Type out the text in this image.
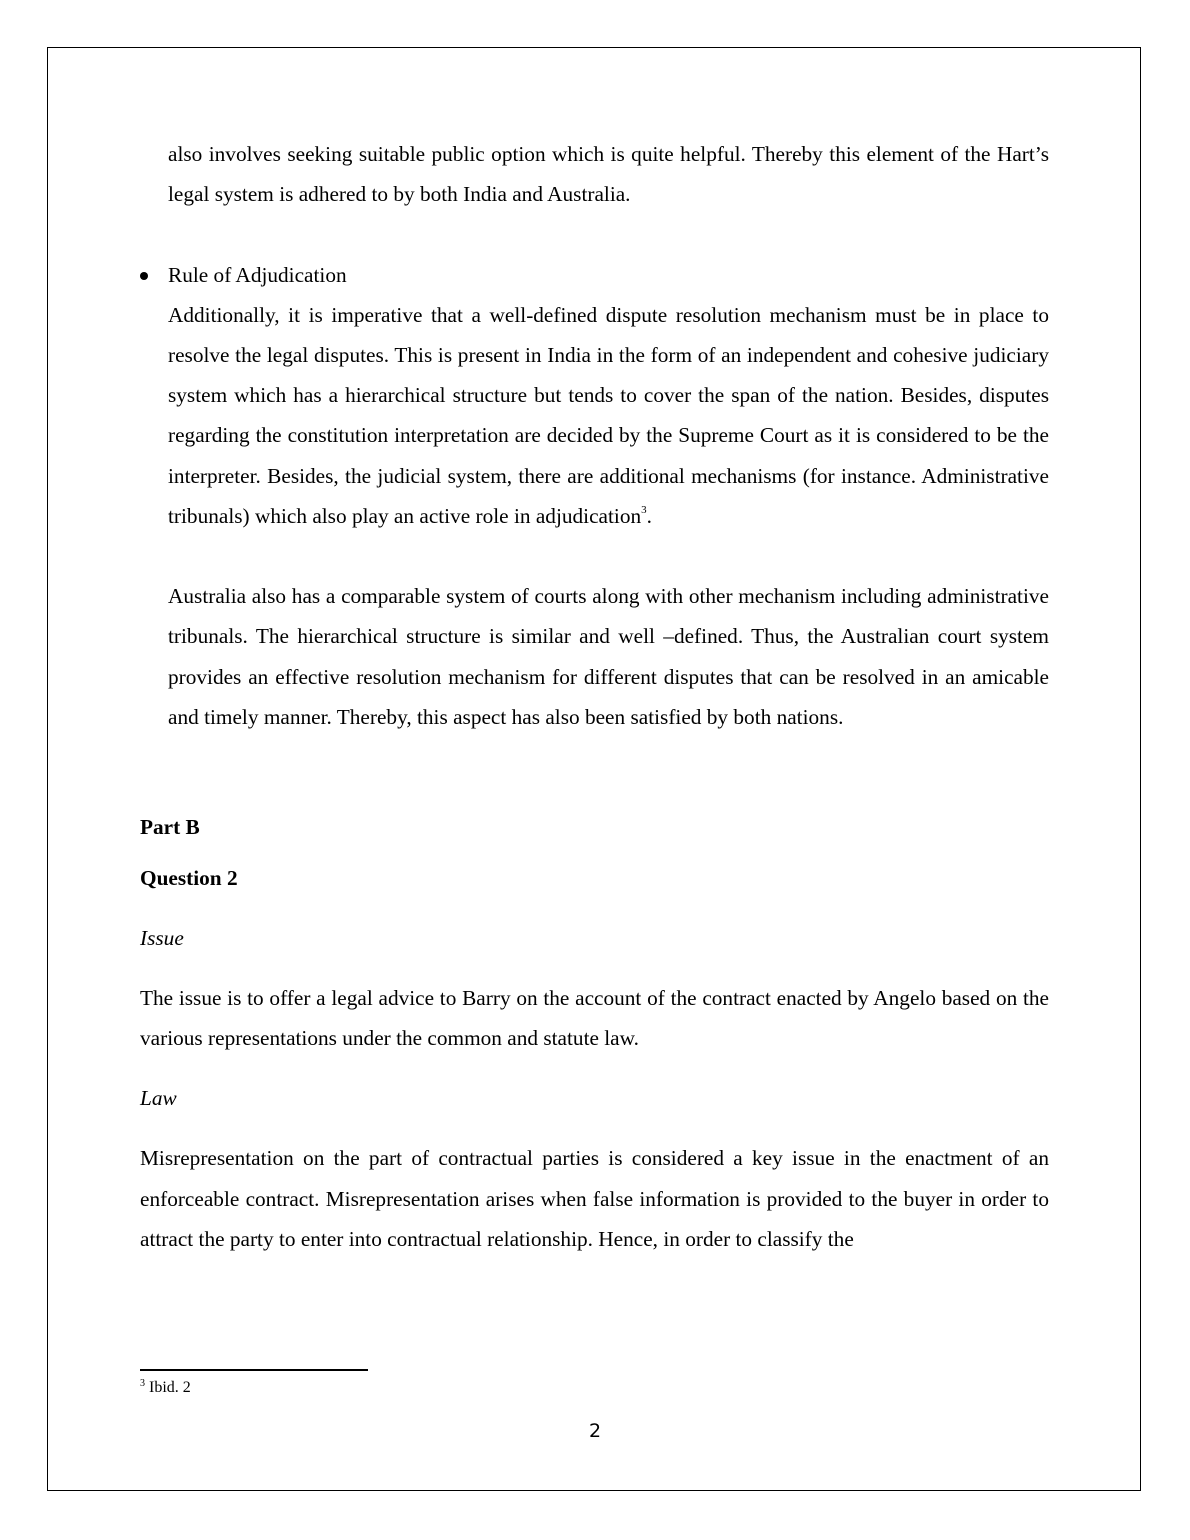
also involves seeking suitable public option which is quite helpful. Thereby this element of the Hart’s legal system is adhered to by both India and Australia.

Rule of Adjudication

Additionally, it is imperative that a well-defined dispute resolution mechanism must be in place to resolve the legal disputes. This is present in India in the form of an independent and cohesive judiciary system which has a hierarchical structure but tends to cover the span of the nation. Besides, disputes regarding the constitution interpretation are decided by the Supreme Court as it is considered to be the interpreter. Besides, the judicial system, there are additional mechanisms (for instance. Administrative tribunals) which also play an active role in adjudication$^3$.

Australia also has a comparable system of courts along with other mechanism including administrative tribunals. The hierarchical structure is similar and well –defined. Thus, the Australian court system provides an effective resolution mechanism for different disputes that can be resolved in an amicable and timely manner. Thereby, this aspect has also been satisfied by both nations.

Part B

Question 2

Issue

The issue is to offer a legal advice to Barry on the account of the contract enacted by Angelo based on the various representations under the common and statute law.

Law

Misrepresentation on the part of contractual parties is considered a key issue in the enactment of an enforceable contract. Misrepresentation arises when false information is provided to the buyer in order to attract the party to enter into contractual relationship. Hence, in order to classify the

$^3$ Ibid. 2
2
